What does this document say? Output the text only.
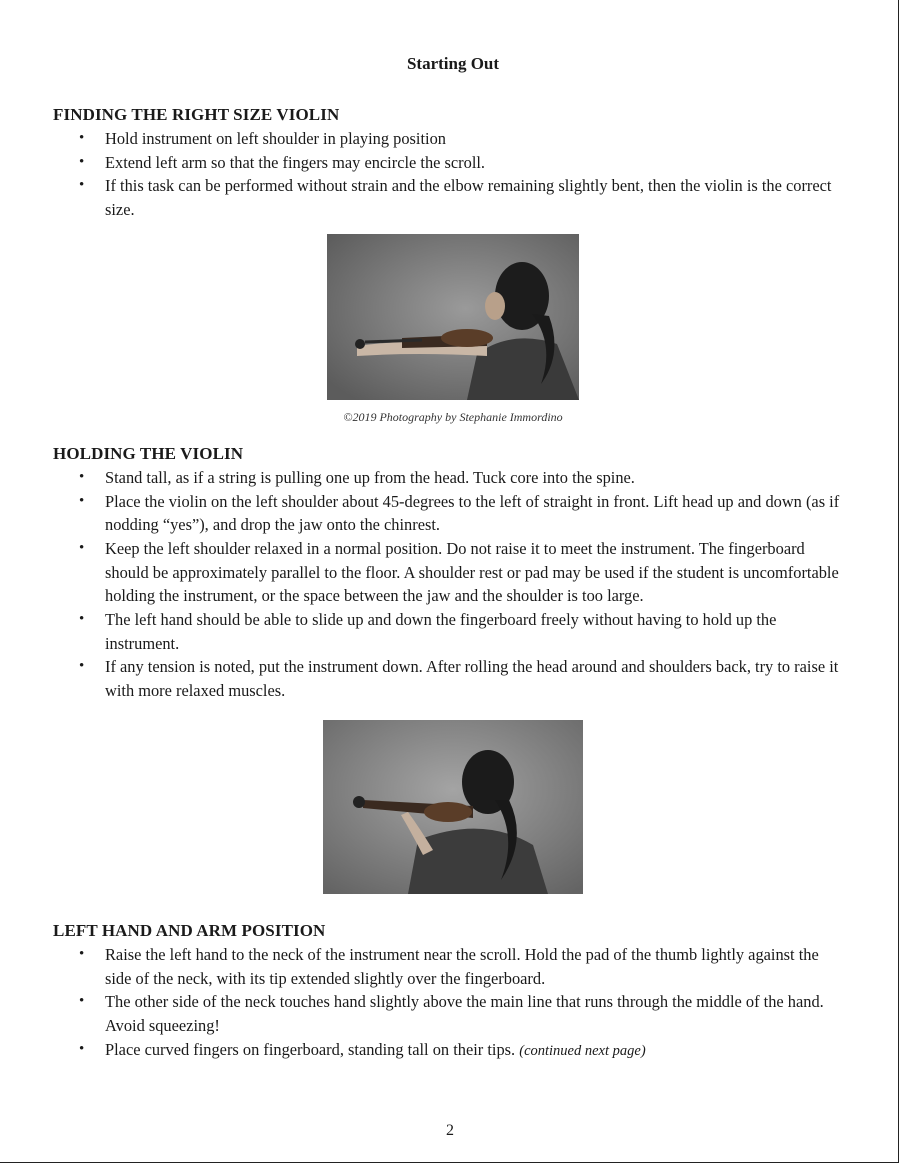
Starting Out
FINDING THE RIGHT SIZE VIOLIN
• Hold instrument on left shoulder in playing position
• Extend left arm so that the fingers may encircle the scroll.
• If this task can be performed without strain and the elbow remaining slightly bent, then the violin is the correct size.
©2019 Photography by Stephanie Immordino
HOLDING THE VIOLIN
• Stand tall, as if a string is pulling one up from the head. Tuck core into the spine.
• Place the violin on the left shoulder about 45-degrees to the left of straight in front. Lift head up and down (as if nodding “yes”), and drop the jaw onto the chinrest.
• Keep the left shoulder relaxed in a normal position. Do not raise it to meet the instrument. The fingerboard should be approximately parallel to the floor. A shoulder rest or pad may be used if the student is uncomfortable holding the instrument, or the space between the jaw and the shoulder is too large.
• The left hand should be able to slide up and down the fingerboard freely without having to hold up the instrument.
• If any tension is noted, put the instrument down. After rolling the head around and shoulders back, try to raise it with more relaxed muscles.
LEFT HAND AND ARM POSITION
• Raise the left hand to the neck of the instrument near the scroll. Hold the pad of the thumb lightly against the side of the neck, with its tip extended slightly over the fingerboard.
• The other side of the neck touches hand slightly above the main line that runs through the middle of the hand. Avoid squeezing!
• Place curved fingers on fingerboard, standing tall on their tips. (continued next page)
2
